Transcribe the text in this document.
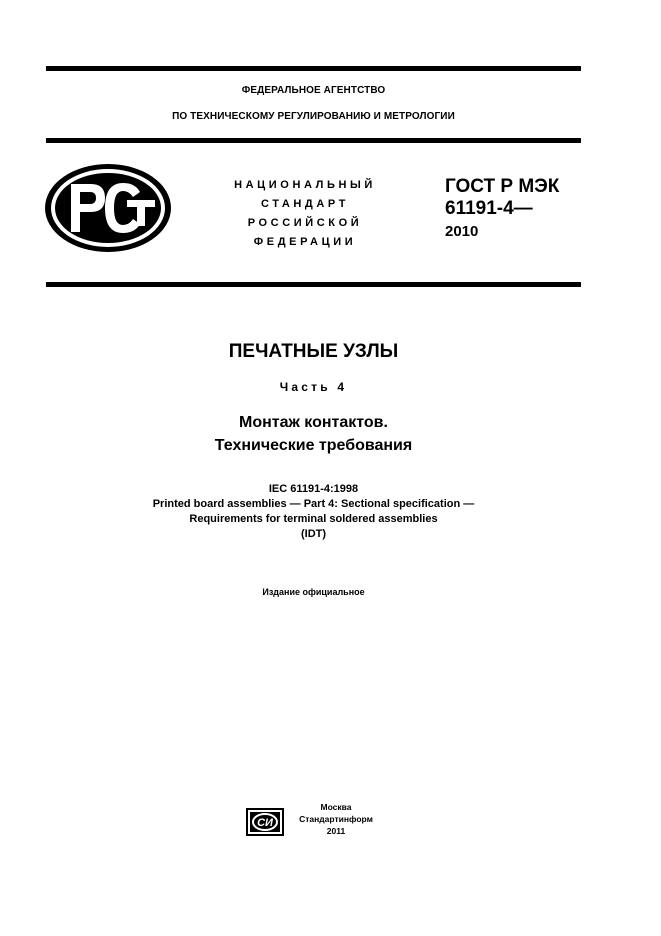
ФЕДЕРАЛЬНОЕ АГЕНТСТВО
ПО ТЕХНИЧЕСКОМУ РЕГУЛИРОВАНИЮ И МЕТРОЛОГИИ
НАЦИОНАЛЬНЫЙ
СТАНДАРТ
РОССИЙСКОЙ
ФЕДЕРАЦИИ
ГОСТ Р МЭК
61191-4—
2010
ПЕЧАТНЫЕ УЗЛЫ
Часть 4
Монтаж контактов.
Технические требования
IEC 61191-4:1998
Printed board assemblies — Part 4: Sectional specification —
Requirements for terminal soldered assemblies
(IDT)
Издание официальное
СИ
Москва
Стандартинформ
2011
